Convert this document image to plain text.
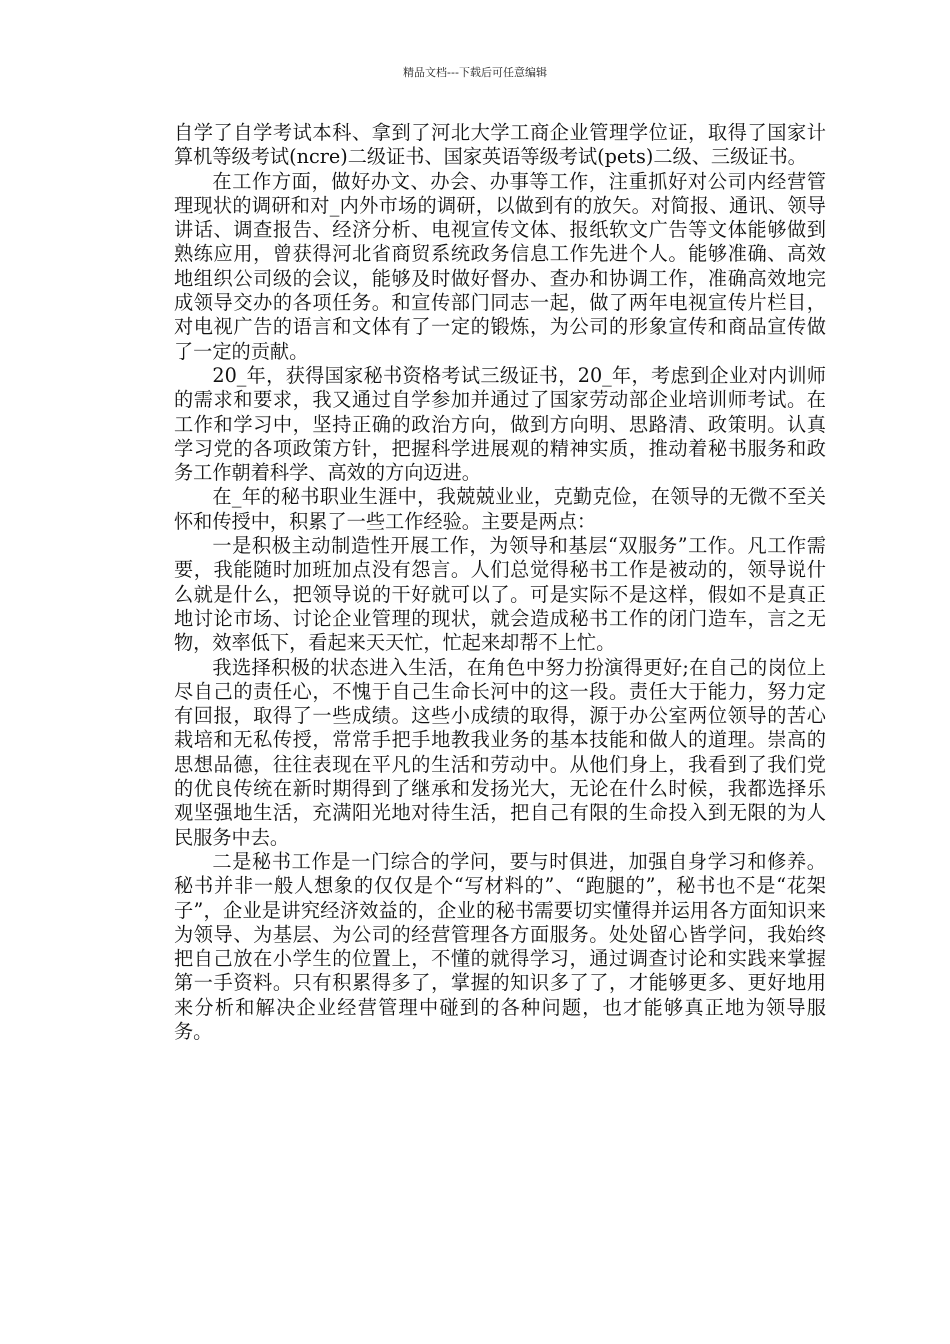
精品文档---下载后可任意编辑

自学了自学考试本科、拿到了河北大学工商企业管理学位证，取得了国家计算机等级考试(ncre)二级证书、国家英语等级考试(pets)二级、三级证书。

在工作方面，做好办文、办会、办事等工作，注重抓好对公司内经营管理现状的调研和对_内外市场的调研，以做到有的放矢。对简报、通讯、领导讲话、调查报告、经济分析、电视宣传文体、报纸软文广告等文体能够做到熟练应用，曾获得河北省商贸系统政务信息工作先进个人。能够准确、高效地组织公司级的会议，能够及时做好督办、查办和协调工作，准确高效地完成领导交办的各项任务。和宣传部门同志一起，做了两年电视宣传片栏目，对电视广告的语言和文体有了一定的锻炼，为公司的形象宣传和商品宣传做了一定的贡献。

20_年，获得国家秘书资格考试三级证书，20_年，考虑到企业对内训师的需求和要求，我又通过自学参加并通过了国家劳动部企业培训师考试。在工作和学习中，坚持正确的政治方向，做到方向明、思路清、政策明。认真学习党的各项政策方针，把握科学进展观的精神实质，推动着秘书服务和政务工作朝着科学、高效的方向迈进。

在_年的秘书职业生涯中，我兢兢业业，克勤克俭，在领导的无微不至关怀和传授中，积累了一些工作经验。主要是两点：

一是积极主动制造性开展工作，为领导和基层“双服务”工作。凡工作需要，我能随时加班加点没有怨言。人们总觉得秘书工作是被动的，领导说什么就是什么，把领导说的干好就可以了。可是实际不是这样，假如不是真正地讨论市场、讨论企业管理的现状，就会造成秘书工作的闭门造车，言之无物，效率低下，看起来天天忙，忙起来却帮不上忙。

我选择积极的状态进入生活，在角色中努力扮演得更好;在自己的岗位上尽自己的责任心，不愧于自己生命长河中的这一段。责任大于能力，努力定有回报，取得了一些成绩。这些小成绩的取得，源于办公室两位领导的苦心栽培和无私传授，常常手把手地教我业务的基本技能和做人的道理。崇高的思想品德，往往表现在平凡的生活和劳动中。从他们身上，我看到了我们党的优良传统在新时期得到了继承和发扬光大，无论在什么时候，我都选择乐观坚强地生活，充满阳光地对待生活，把自己有限的生命投入到无限的为人民服务中去。

二是秘书工作是一门综合的学问，要与时俱进，加强自身学习和修养。秘书并非一般人想象的仅仅是个“写材料的”、“跑腿的”，秘书也不是“花架子”，企业是讲究经济效益的，企业的秘书需要切实懂得并运用各方面知识来为领导、为基层、为公司的经营管理各方面服务。处处留心皆学问，我始终把自己放在小学生的位置上，不懂的就得学习，通过调查讨论和实践来掌握第一手资料。只有积累得多了，掌握的知识多了了，才能够更多、更好地用来分析和解决企业经营管理中碰到的各种问题，也才能够真正地为领导服务。
